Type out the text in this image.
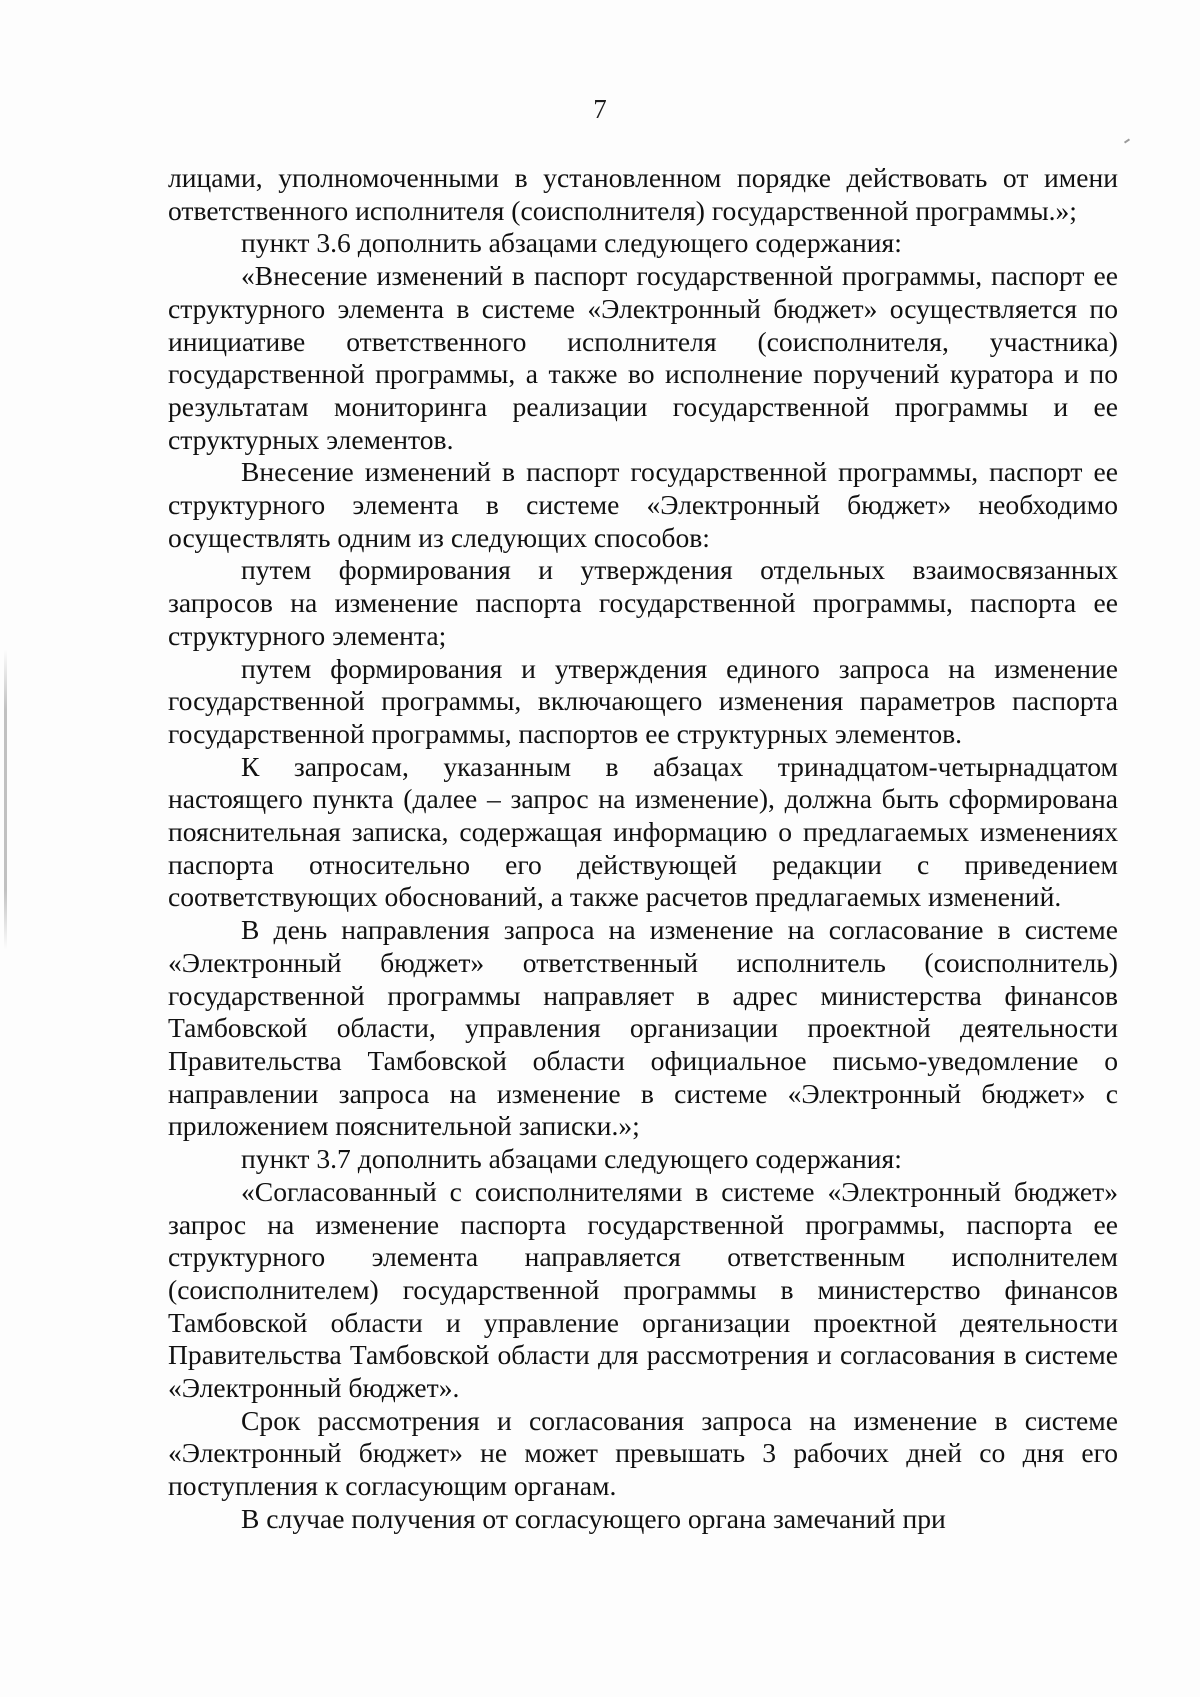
7

лицами, уполномоченными в установленном порядке действовать от имени ответственного исполнителя (соисполнителя) государственной программы.»;

пункт 3.6 дополнить абзацами следующего содержания:

«Внесение изменений в паспорт государственной программы, паспорт ее структурного элемента в системе «Электронный бюджет» осуществляется по инициативе ответственного исполнителя (соисполнителя, участника) государственной программы, а также во исполнение поручений куратора и по результатам мониторинга реализации государственной программы и ее структурных элементов.

Внесение изменений в паспорт государственной программы, паспорт ее структурного элемента в системе «Электронный бюджет» необходимо осуществлять одним из следующих способов:

путем формирования и утверждения отдельных взаимосвязанных запросов на изменение паспорта государственной программы, паспорта ее структурного элемента;

путем формирования и утверждения единого запроса на изменение государственной программы, включающего изменения параметров паспорта государственной программы, паспортов ее структурных элементов.

К запросам, указанным в абзацах тринадцатом-четырнадцатом настоящего пункта (далее – запрос на изменение), должна быть сформирована пояснительная записка, содержащая информацию о предлагаемых изменениях паспорта относительно его действующей редакции с приведением соответствующих обоснований, а также расчетов предлагаемых изменений.

В день направления запроса на изменение на согласование в системе «Электронный бюджет» ответственный исполнитель (соисполнитель) государственной программы направляет в адрес министерства финансов Тамбовской области, управления организации проектной деятельности Правительства Тамбовской области официальное письмо-уведомление о направлении запроса на изменение в системе «Электронный бюджет» с приложением пояснительной записки.»;

пункт 3.7 дополнить абзацами следующего содержания:

«Согласованный с соисполнителями в системе «Электронный бюджет» запрос на изменение паспорта государственной программы, паспорта ее структурного элемента направляется ответственным исполнителем (соисполнителем) государственной программы в министерство финансов Тамбовской области и управление организации проектной деятельности Правительства Тамбовской области для рассмотрения и согласования в системе «Электронный бюджет».

Срок рассмотрения и согласования запроса на изменение в системе «Электронный бюджет» не может превышать 3 рабочих дней со дня его поступления к согласующим органам.

В случае получения от согласующего органа замечаний при
